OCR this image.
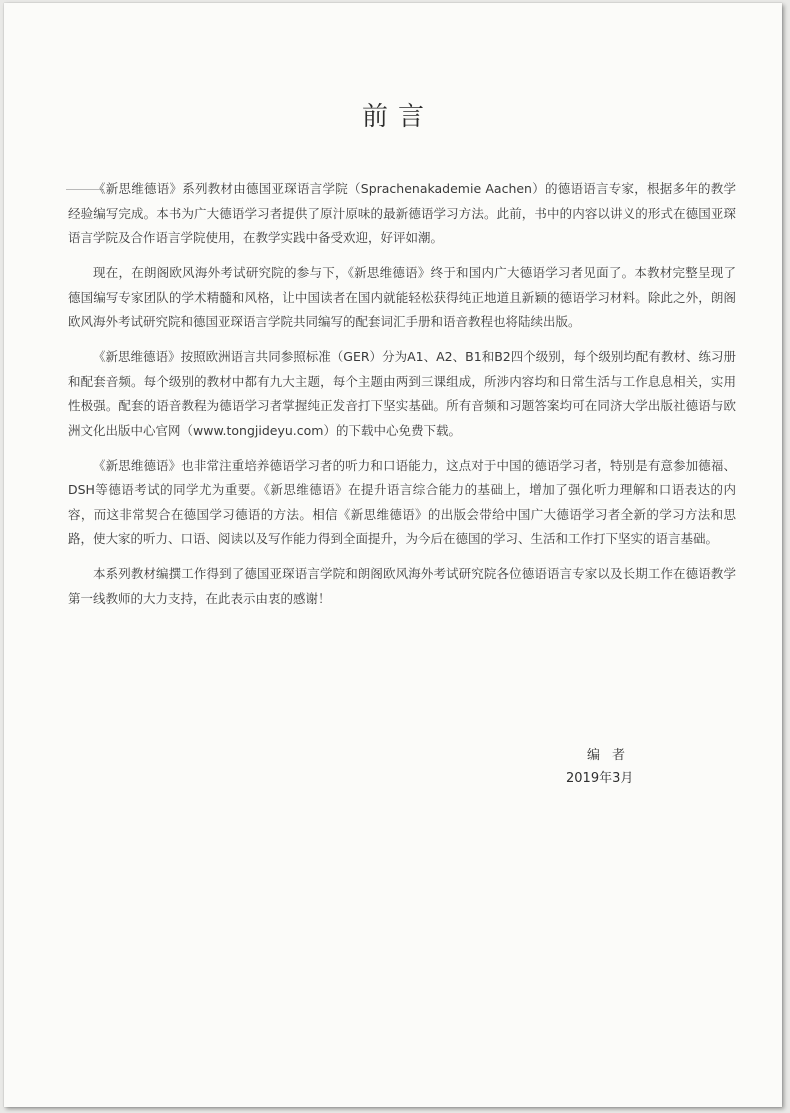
前言

《新思维德语》系列教材由德国亚琛语言学院（Sprachenakademie Aachen）的德语语言专家，根据多年的教学经验编写完成。本书为广大德语学习者提供了原汁原味的最新德语学习方法。此前，书中的内容以讲义的形式在德国亚琛语言学院及合作语言学院使用，在教学实践中备受欢迎，好评如潮。

现在，在朗阁欧风海外考试研究院的参与下，《新思维德语》终于和国内广大德语学习者见面了。本教材完整呈现了德国编写专家团队的学术精髓和风格，让中国读者在国内就能轻松获得纯正地道且新颖的德语学习材料。除此之外，朗阁欧风海外考试研究院和德国亚琛语言学院共同编写的配套词汇手册和语音教程也将陆续出版。

《新思维德语》按照欧洲语言共同参照标准（GER）分为A1、A2、B1和B2四个级别，每个级别均配有教材、练习册和配套音频。每个级别的教材中都有九大主题，每个主题由两到三课组成，所涉内容均和日常生活与工作息息相关，实用性极强。配套的语音教程为德语学习者掌握纯正发音打下坚实基础。所有音频和习题答案均可在同济大学出版社德语与欧洲文化出版中心官网（www.tongjideyu.com）的下载中心免费下载。

《新思维德语》也非常注重培养德语学习者的听力和口语能力，这点对于中国的德语学习者，特别是有意参加德福、DSH等德语考试的同学尤为重要。《新思维德语》在提升语言综合能力的基础上，增加了强化听力理解和口语表达的内容，而这非常契合在德国学习德语的方法。相信《新思维德语》的出版会带给中国广大德语学习者全新的学习方法和思路，使大家的听力、口语、阅读以及写作能力得到全面提升，为今后在德国的学习、生活和工作打下坚实的语言基础。

本系列教材编撰工作得到了德国亚琛语言学院和朗阁欧风海外考试研究院各位德语语言专家以及长期工作在德语教学第一线教师的大力支持，在此表示由衷的感谢！

编者
2019年3月
